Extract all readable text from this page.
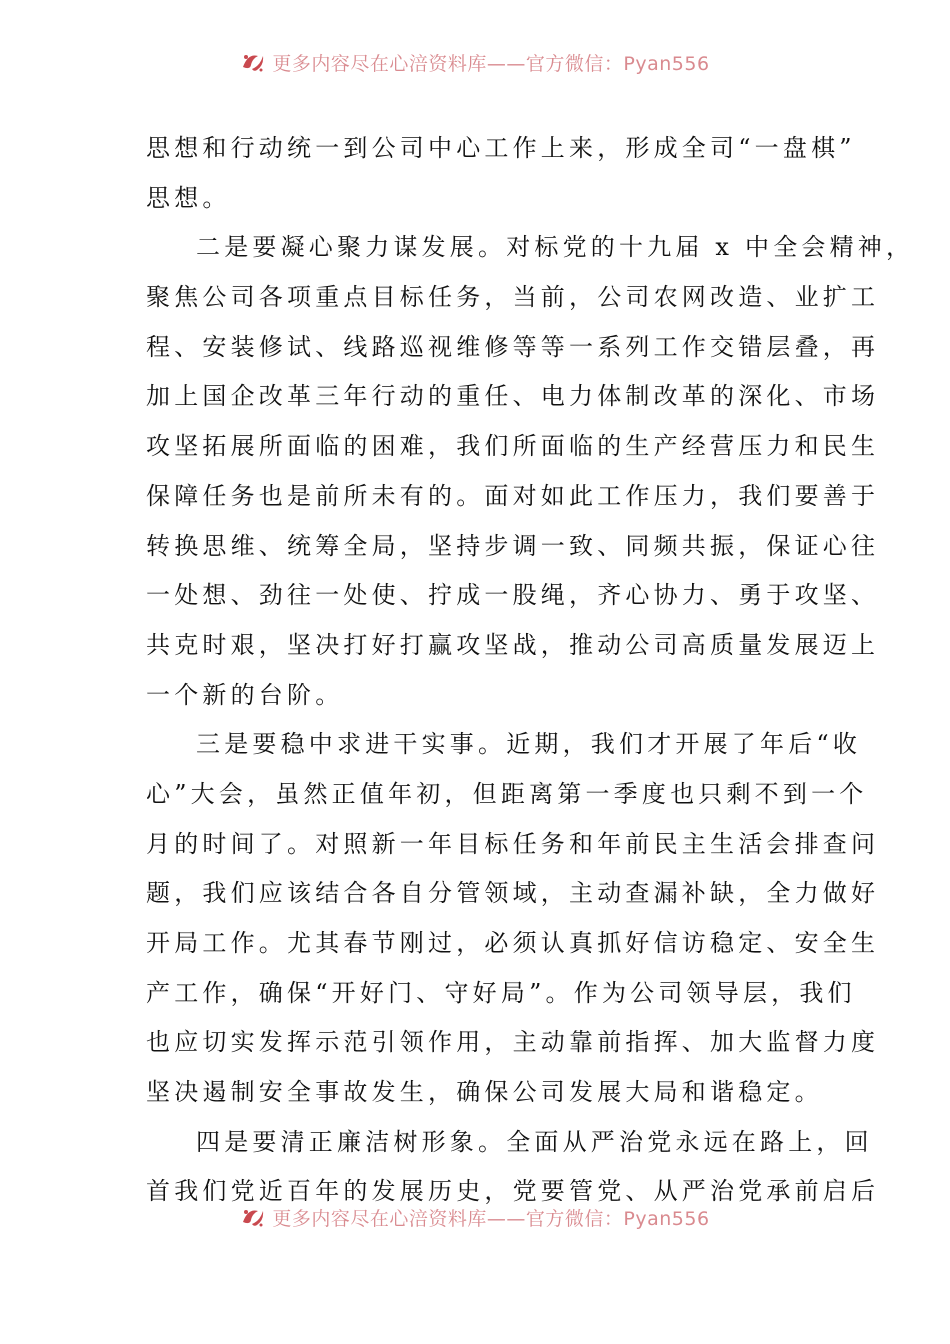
更多内容尽在心涪资料库——官方微信：Pyan556
思想和行动统一到公司中心工作上来，形成全司“一盘棋”
思想。
二是要凝心聚力谋发展。对标党的十九届 x 中全会精神，
聚焦公司各项重点目标任务，当前，公司农网改造、业扩工
程、安装修试、线路巡视维修等等一系列工作交错层叠，再
加上国企改革三年行动的重任、电力体制改革的深化、市场
攻坚拓展所面临的困难，我们所面临的生产经营压力和民生
保障任务也是前所未有的。面对如此工作压力，我们要善于
转换思维、统筹全局，坚持步调一致、同频共振，保证心往
一处想、劲往一处使、拧成一股绳，齐心协力、勇于攻坚、
共克时艰，坚决打好打赢攻坚战，推动公司高质量发展迈上
一个新的台阶。
三是要稳中求进干实事。近期，我们才开展了年后“收
心”大会，虽然正值年初，但距离第一季度也只剩不到一个
月的时间了。对照新一年目标任务和年前民主生活会排查问
题，我们应该结合各自分管领域，主动查漏补缺，全力做好
开局工作。尤其春节刚过，必须认真抓好信访稳定、安全生
产工作，确保“开好门、守好局”。作为公司领导层，我们
也应切实发挥示范引领作用，主动靠前指挥、加大监督力度
坚决遏制安全事故发生，确保公司发展大局和谐稳定。
四是要清正廉洁树形象。全面从严治党永远在路上，回
首我们党近百年的发展历史，党要管党、从严治党承前启后
更多内容尽在心涪资料库——官方微信：Pyan556
